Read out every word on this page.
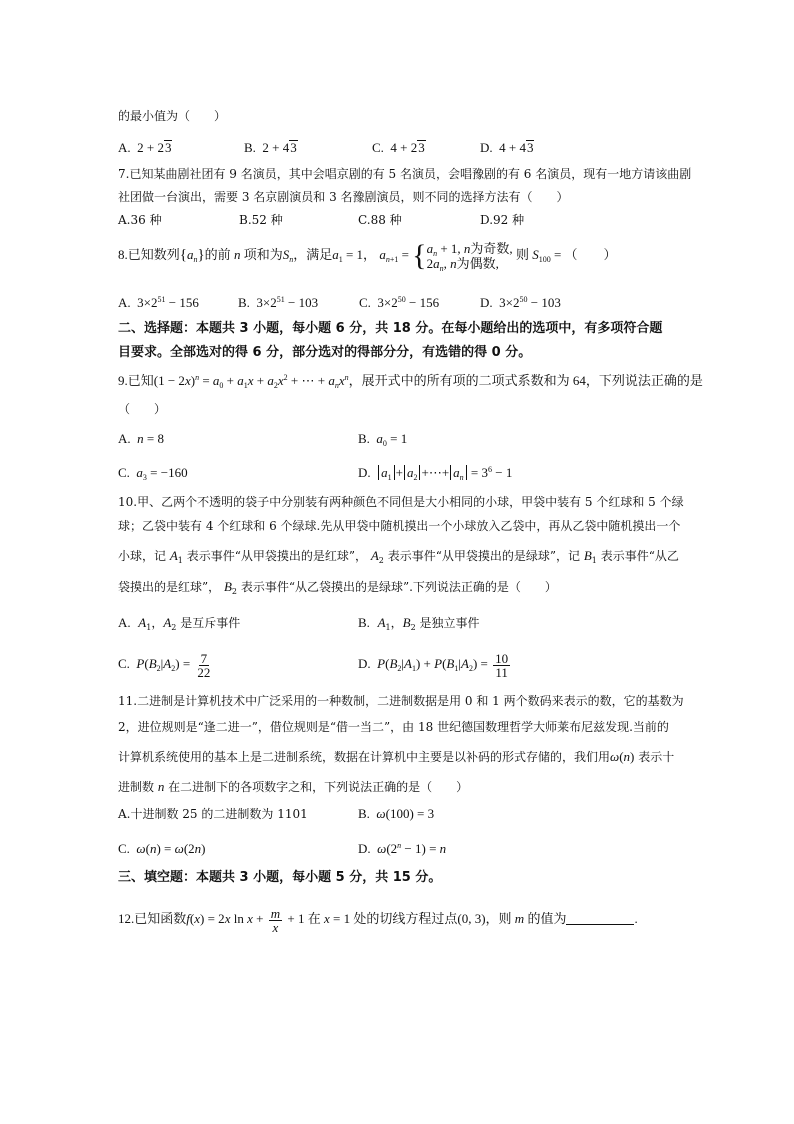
的最小值为（　　）
A.  2 + 23	B.  2 + 43	C.  4 + 23	D.  4 + 43
7.已知某曲剧社团有 9 名演员，其中会唱京剧的有 5 名演员，会唱豫剧的有 6 名演员，现有一地方请该曲剧
社团做一台演出，需要 3 名京剧演员和 3 名豫剧演员，则不同的选择方法有（　　）
A.36 种	B.52 种	C.88 种	D.92 种
8.已知数列$\{a_n\}$的前 n 项和为$S_n$，满足$a_1 = 1$， $a_{n+1}$ = { $a_n + 1$, n为奇数,
$2a_n$, n为偶数,
则 $S_{100}$ = （　　）
A.  $3\times 2^{51} - 156$	B.  $3\times 2^{51} - 103$	C.  $3\times 2^{50} - 156$	D.  $3\times 2^{50} - 103$
二、选择题：本题共 3 小题，每小题 6 分，共 18 分。在每小题给出的选项中，有多项符合题
目要求。全部选对的得 6 分，部分选对的得部分分，有选错的得 0 分。
9.已知$(1 - 2x)^n = a_0 + a_1x + a_2x^2$ + ⋯ + $a_nx^n$，展开式中的所有项的二项式系数和为 64，下列说法正确的是
（　　）
A.  n = 8	B.  $a_0 = 1$
C.  $a_3 = -160$	D.  $a_1 + a_2$ +⋯+ $a_n = 3^6 - 1$
10.甲、乙两个不透明的袋子中分别装有两种颜色不同但是大小相同的小球，甲袋中装有 5 个红球和 5 个绿
球；乙袋中装有 4 个红球和 6 个绿球.先从甲袋中随机摸出一个小球放入乙袋中，再从乙袋中随机摸出一个
小球，记 $A_1$ 表示事件“从甲袋摸出的是红球”， $A_2$ 表示事件“从甲袋摸出的是绿球”，记 $B_1$ 表示事件“从乙
袋摸出的是红球”， $B_2$ 表示事件“从乙袋摸出的是绿球”.下列说法正确的是（　　）
A. $A_1$，$A_2$ 是互斥事件	B. $A_1$，$B_2$ 是独立事件
C.  $P(B_2|A_2) = \frac{7}{22}$	D.  $P(B_2|A_1) + P(B_1|A_2) = \frac{10}{11}$
11.二进制是计算机技术中广泛采用的一种数制，二进制数据是用 0 和 1 两个数码来表示的数，它的基数为
2，进位规则是“逢二进一”，借位规则是“借一当二”，由 18 世纪德国数理哲学大师莱布尼兹发现.当前的
计算机系统使用的基本上是二进制系统，数据在计算机中主要是以补码的形式存储的，我们用ω(n) 表示十
进制数 n 在二进制下的各项数字之和，下列说法正确的是（　　）
A.十进制数 25 的二进制数为 1101	B.  ω(100) = 3
C.  ω(n) = ω(2n)	D.  $\omega(2^n - 1) = n$
三、填空题：本题共 3 小题，每小题 5 分，共 15 分。
12.已知函数f(x) = 2x $\ln x + \frac{m}{x} + 1$ 在 x = 1 处的切线方程过点(0, 3)，则 m 的值为	.
